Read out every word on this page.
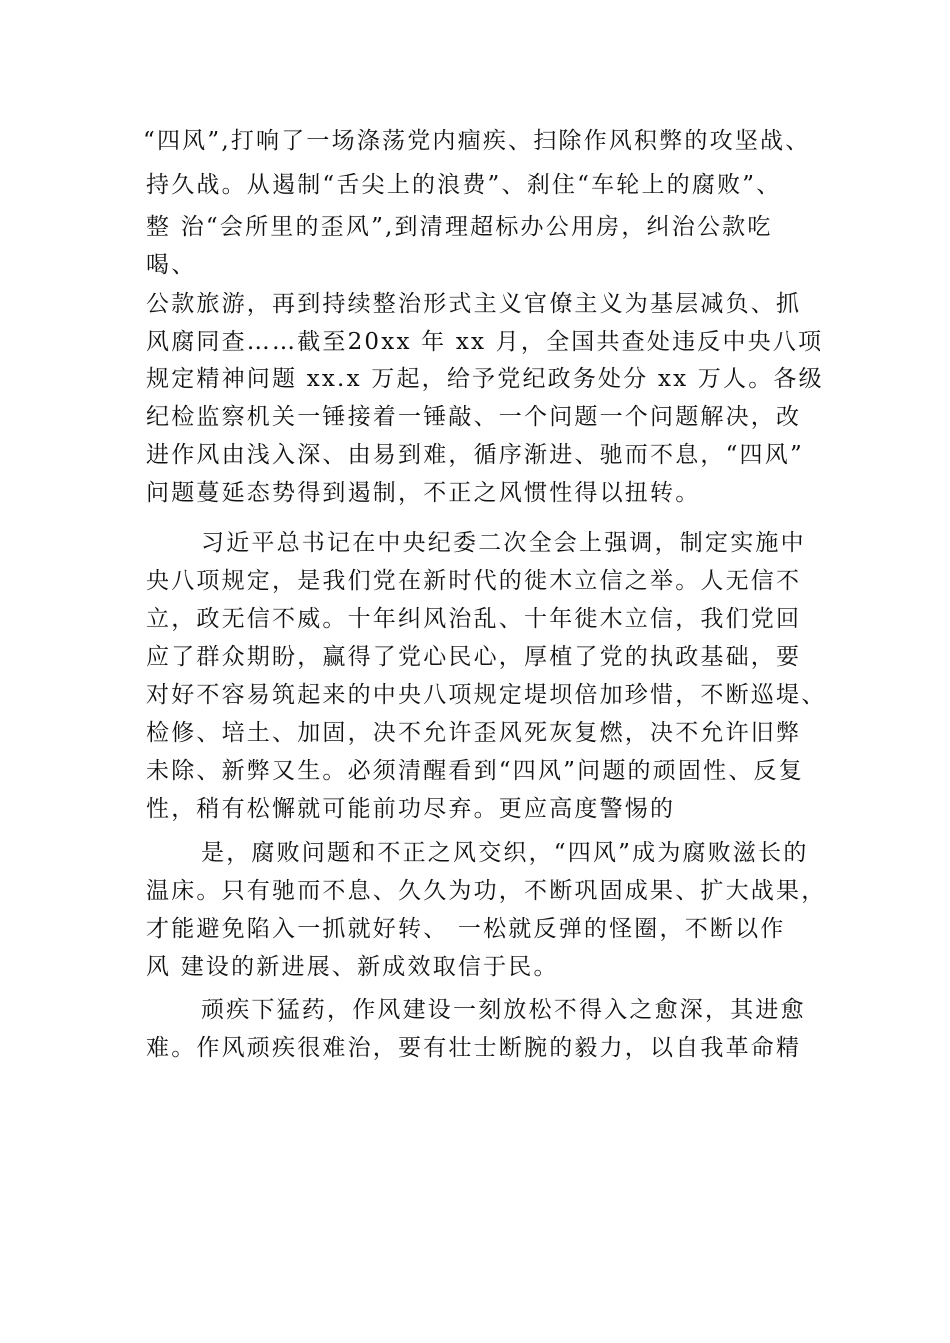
“四风”,打响了一场涤荡党内痼疾、扫除作风积弊的攻坚战、
持久战。从遏制“舌尖上的浪费”、刹住“车轮上的腐败”、
整 治“会所里的歪风”,到清理超标办公用房，纠治公款吃
喝、
公款旅游，再到持续整治形式主义官僚主义为基层减负、抓
风腐同查……截至20xx 年 xx 月，全国共查处违反中央八项
规定精神问题 xx.x 万起，给予党纪政务处分 xx 万人。各级
纪检监察机关一锤接着一锤敲、一个问题一个问题解决，改
进作风由浅入深、由易到难，循序渐进、驰而不息，“四风”
问题蔓延态势得到遏制，不正之风惯性得以扭转。
习近平总书记在中央纪委二次全会上强调，制定实施中
央八项规定，是我们党在新时代的徙木立信之举。人无信不
立，政无信不威。十年纠风治乱、十年徙木立信，我们党回
应了群众期盼，赢得了党心民心，厚植了党的执政基础，要
对好不容易筑起来的中央八项规定堤坝倍加珍惜，不断巡堤、
检修、培土、加固，决不允许歪风死灰复燃，决不允许旧弊
未除、新弊又生。必须清醒看到“四风”问题的顽固性、反复
性，稍有松懈就可能前功尽弃。更应高度警惕的
是，腐败问题和不正之风交织，“四风”成为腐败滋长的
温床。只有驰而不息、久久为功，不断巩固成果、扩大战果，
才能避免陷入一抓就好转、 一松就反弹的怪圈，不断以作
风 建设的新进展、新成效取信于民。
顽疾下猛药，作风建设一刻放松不得入之愈深，其进愈
难。作风顽疾很难治，要有壮士断腕的毅力，以自我革命精
